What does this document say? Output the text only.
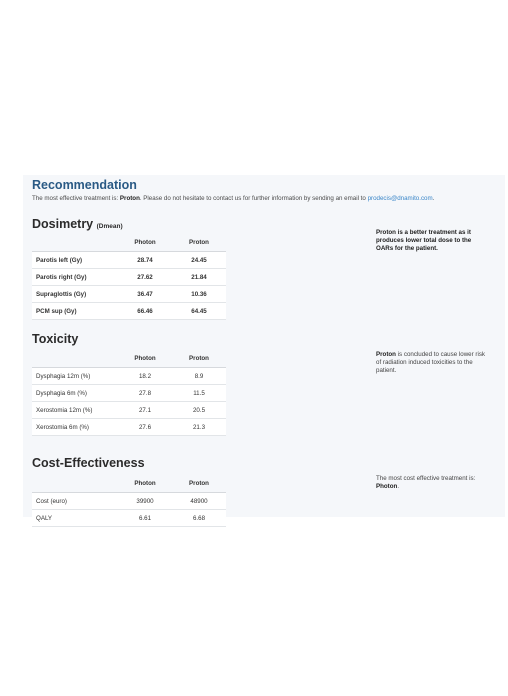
Recommendation

The most effective treatment is: Proton. Please do not hesitate to contact us for further information by sending an email to prodecis@dnamito.com.

Dosimetry (Dmean)
	Photon	Proton
Parotis left (Gy)	28.74	24.45
Parotis right (Gy)	27.62	21.84
Supraglottis (Gy)	36.47	10.36
PCM sup (Gy)	66.46	64.45

Proton is a better treatment as it produces lower total dose to the OARs for the patient.

Toxicity
	Photon	Proton
Dysphagia 12m (%)	18.2	8.9
Dysphagia 6m (%)	27.8	11.5
Xerostomia 12m (%)	27.1	20.5
Xerostomia 6m (%)	27.6	21.3

Proton is concluded to cause lower risk of radiation induced toxicities to the patient.

Cost-Effectiveness
	Photon	Proton
Cost (euro)	39900	48900
QALY	6.61	6.68

The most cost effective treatment is: Photon.
